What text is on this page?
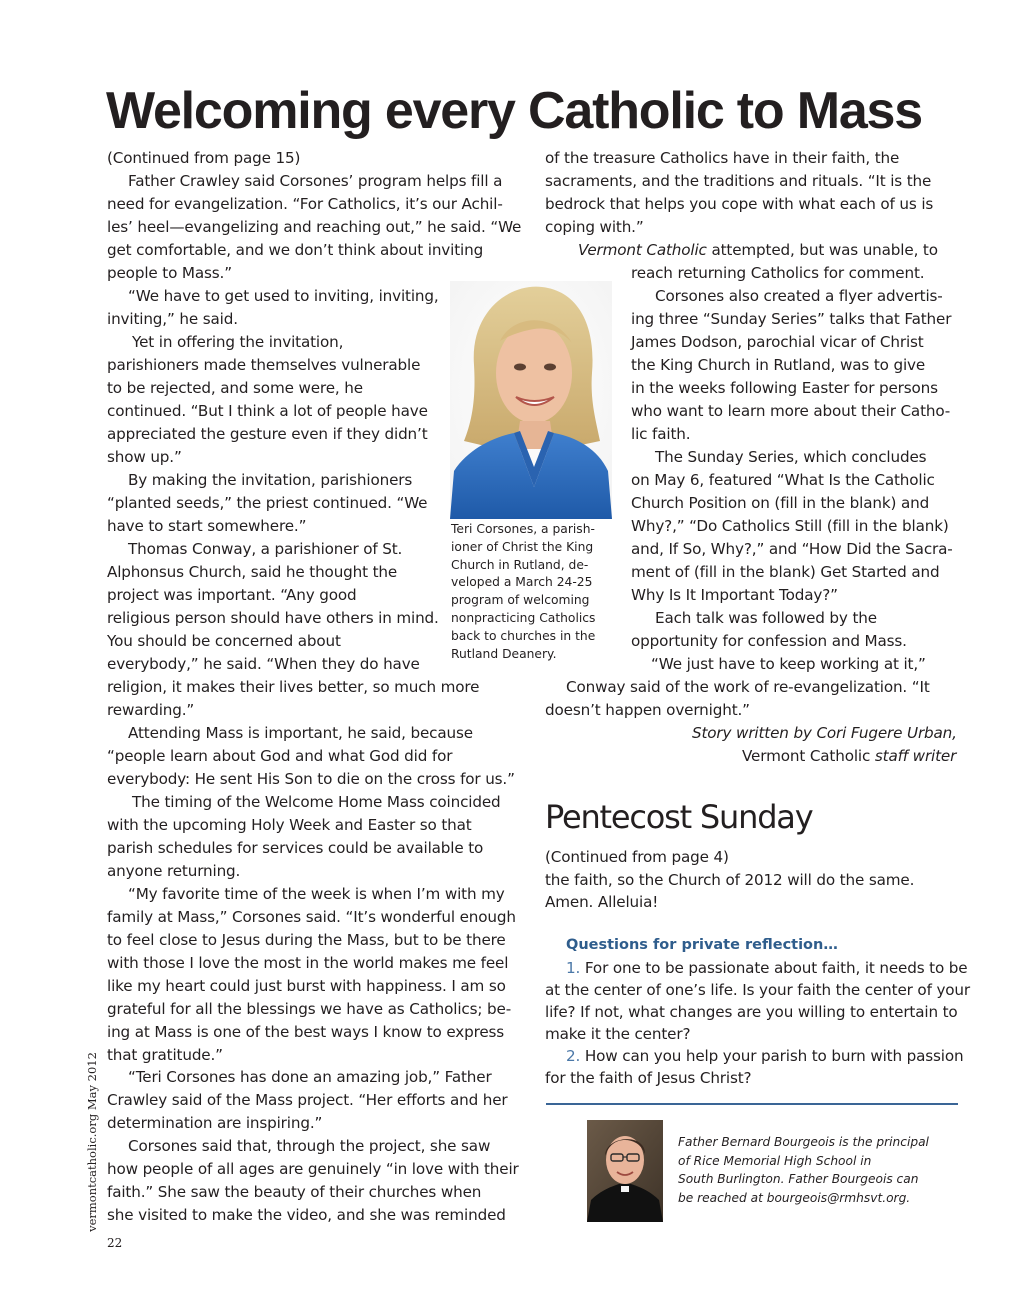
Welcoming every Catholic to Mass
(Continued from page 15)
Father Crawley said Corsones’ program helps fill a
need for evangelization. “For Catholics, it’s our Achil-
les’ heel—evangelizing and reaching out,” he said. “We
get comfortable, and we don’t think about inviting
people to Mass.”
“We have to get used to inviting, inviting,
inviting,” he said.
Yet in offering the invitation,
parishioners made themselves vulnerable
to be rejected, and some were, he
continued. “But I think a lot of people have
appreciated the gesture even if they didn’t
show up.”
By making the invitation, parishioners
“planted seeds,” the priest continued. “We
have to start somewhere.”
Thomas Conway, a parishioner of St.
Alphonsus Church, said he thought the
project was important. “Any good
religious person should have others in mind.
You should be concerned about
everybody,” he said. “When they do have
religion, it makes their lives better, so much more
rewarding.”
Attending Mass is important, he said, because
“people learn about God and what God did for
everybody: He sent His Son to die on the cross for us.”
The timing of the Welcome Home Mass coincided
with the upcoming Holy Week and Easter so that
parish schedules for services could be available to
anyone returning.
“My favorite time of the week is when I’m with my
family at Mass,” Corsones said. “It’s wonderful enough
to feel close to Jesus during the Mass, but to be there
with those I love the most in the world makes me feel
like my heart could just burst with happiness. I am so
grateful for all the blessings we have as Catholics; be-
ing at Mass is one of the best ways I know to express
that gratitude.”
“Teri Corsones has done an amazing job,” Father
Crawley said of the Mass project. “Her efforts and her
determination are inspiring.”
Corsones said that, through the project, she saw
how people of all ages are genuinely “in love with their
faith.” She saw the beauty of their churches when
she visited to make the video, and she was reminded
Teri Corsones, a parish-
ioner of Christ the King
Church in Rutland, de-
veloped a March 24-25
program of welcoming
nonpracticing Catholics
back to churches in the
Rutland Deanery.
of the treasure Catholics have in their faith, the
sacraments, and the traditions and rituals. “It is the
bedrock that helps you cope with what each of us is
coping with.”
Vermont Catholic attempted, but was unable, to
reach returning Catholics for comment.
Corsones also created a flyer advertis-
ing three “Sunday Series” talks that Father
James Dodson, parochial vicar of Christ
the King Church in Rutland, was to give
in the weeks following Easter for persons
who want to learn more about their Catho-
lic faith.
The Sunday Series, which concludes
on May 6, featured “What Is the Catholic
Church Position on (fill in the blank) and
Why?,” “Do Catholics Still (fill in the blank)
and, If So, Why?,” and “How Did the Sacra-
ment of (fill in the blank) Get Started and
Why Is It Important Today?”
Each talk was followed by the
opportunity for confession and Mass.
“We just have to keep working at it,”
Conway said of the work of re-evangelization. “It
doesn’t happen overnight.”
Story written by Cori Fugere Urban,
Vermont Catholic staff writer
Pentecost Sunday
(Continued from page 4)
the faith, so the Church of 2012 will do the same.
Amen. Alleluia!
Questions for private reflection…
1. For one to be passionate about faith, it needs to be
at the center of one’s life. Is your faith the center of your
life? If not, what changes are you willing to entertain to
make it the center?
2. How can you help your parish to burn with passion
for the faith of Jesus Christ?
Father Bernard Bourgeois is the principal
of Rice Memorial High School in
South Burlington. Father Bourgeois can
be reached at bourgeois@rmhsvt.org.
vermontcatholic.org May 2012
22
